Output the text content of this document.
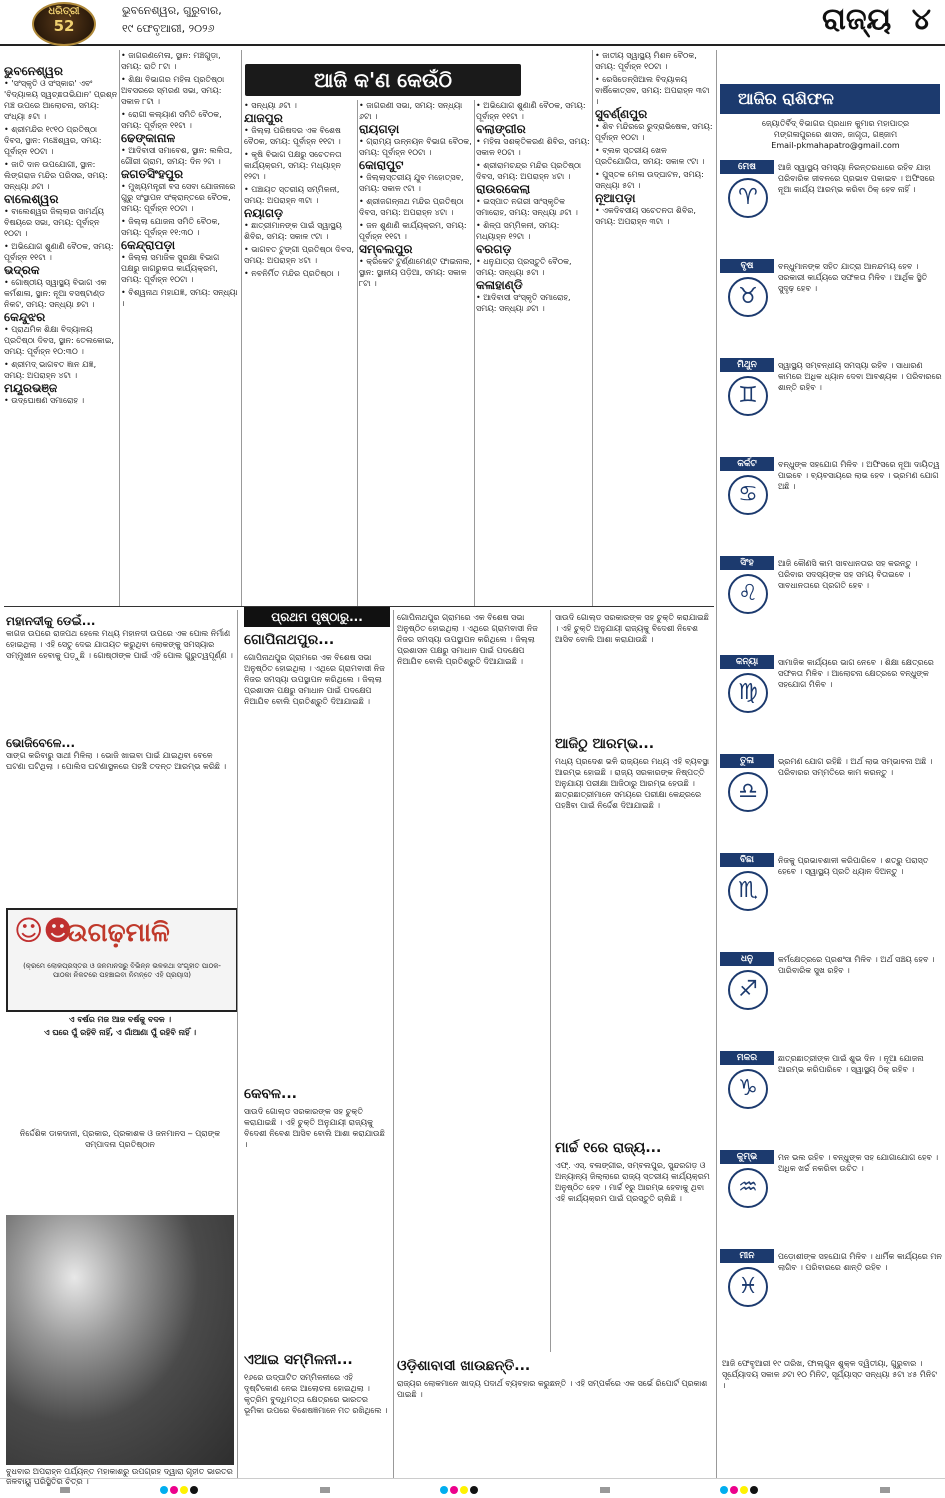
ଧରିତ୍ରୀ
52
ଭୁବନେଶ୍ୱର, ଗୁରୁବାର,
୧୯ ଫେବୃଆରୀ, ୨୦୨୬	ରାଜ୍ୟ ୪
ଆଜି କ'ଣ କେଉଁଠି
ଭୁବନେଶ୍ୱର

• 'ସଂସ୍କୃତି ଓ ସଂସ୍କାର' ଏବଂ 'ବିଦ୍ୟାଳୟ ସ୍ୱଚ୍ଛତାଭିଯାନ' ପ୍ରଶ୍ନ ମଞ୍ଚ ଉପରେ ଆଲୋଚନା, ସମୟ: ସଂଧ୍ୟା ୫ଟା ।

• ଶ୍ରୀମନ୍ଦିର ୧୯୧୦ ପ୍ରତିଷ୍ଠା ଦିବସ, ସ୍ଥାନ: ମଞ୍ଚେଶ୍ୱର, ସମୟ: ପୂର୍ବାହ୍ନ ୧୦ଟା ।

• ଜାତି ଦାନ ଉପଯୋଗୀ, ସ୍ଥାନ: ଲିଙ୍ଗରାଜ ମନ୍ଦିର ପରିସର, ସମୟ: ସନ୍ଧ୍ୟା ୬ଟା ।

ବାଲେଶ୍ୱର

• ବାଲେଶ୍ୱର ଜିଲ୍ଲାର ସାମର୍ଥ୍ୟ ବିଷୟରେ ସଭା, ସମୟ: ପୂର୍ବାହ୍ନ ୧୦ଟା ।

• ଅଭିଯୋଗ ଶୁଣାଣି ବୈଠକ, ସମୟ: ପୂର୍ବାହ୍ନ ୧୧ଟା ।

ଭଦ୍ରକ

• ଗୋଷ୍ଠୀୟ ସ୍ୱାସ୍ଥ୍ୟ ବିଭାଗ ଏକ କର୍ମଶାଳା, ସ୍ଥାନ: ନୂଆ ବସଷ୍ଟାଣ୍ଡ ନିକଟ, ସମୟ: ସନ୍ଧ୍ୟା ୭ଟା ।

କେନ୍ଦୁଝର

• ପ୍ରାଥମିକ ଶିକ୍ଷା ବିଦ୍ୟାଳୟ ପ୍ରତିଷ୍ଠା ଦିବସ, ସ୍ଥାନ: ତେଲକୋଇ, ସମୟ: ପୂର୍ବାହ୍ନ ୧୦:୩୦ ।

• ଶ୍ରୀମଦ୍‌ ଭାଗବତ ଜ୍ଞାନ ଯଜ୍ଞ, ସମୟ: ଅପରାହ୍ନ ୪ଟା ।

ମୟୂରଭଞ୍ଜ

• ଉଦ୍‌ଘୋଷଣ ସମାରୋହ ।

• ଜାଗରଣମେଳା, ସ୍ଥାନ: ମଞ୍ଚଗୁଡ଼ା, ସମୟ: ରାତି ୮ଟା ।

• ଶିକ୍ଷା ବିଭାଗର ମହିଳା ପ୍ରତିଷ୍ଠା ଅବସରରେ ସ୍ମରଣ ସଭା, ସମୟ: ସକାଳ ୮ଟା ।

• ରୋଗୀ କଲ୍ୟାଣ ସମିତି ବୈଠକ, ସମୟ: ପୂର୍ବାହ୍ନ ୧୧ଟା ।

ଢେଙ୍କାନାଳ

• ଆଦିବାସୀ ସମାବେଶ, ସ୍ଥାନ: ଲଲିତା, ଗୌରୀ ଗ୍ରାମ, ସମୟ: ଦିନ ୨ଟା ।

ଜଗତସିଂହପୁର

• ମୁଖ୍ୟମନ୍ତ୍ରୀ ବସ ସେବା ଯୋଜନାରେ ଗୁରୁ ସଂସ୍ଥାପନ ସଂକ୍ରାନ୍ତରେ ବୈଠକ, ସମୟ: ପୂର୍ବାହ୍ନ ୧୦ଟା ।

• ଜିଲ୍ଲା ଯୋଜନା ସମିତି ବୈଠକ, ସମୟ: ପୂର୍ବାହ୍ନ ୧୧:୩୦ ।

କେନ୍ଦ୍ରାପଡ଼ା

• ଜିଲ୍ଲା ସମାଜିକ ସୁରକ୍ଷା ବିଭାଗ ପକ୍ଷରୁ ଜାଗରୁକତା କାର୍ଯ୍ୟକ୍ରମ, ସମୟ: ପୂର୍ବାହ୍ନ ୧୦ଟା ।

• ବିଶ୍ୱନାଥ ମହାଯଜ୍ଞ, ସମୟ: ସନ୍ଧ୍ୟା ।

• ସନ୍ଧ୍ୟା ୬ଟା ।

ଯାଜପୁର

• ଜିଲ୍ଲା ପରିଷଦର ଏକ ବିଶେଷ ବୈଠକ, ସମୟ: ପୂର୍ବାହ୍ନ ୧୧ଟା ।

• କୃଷି ବିଭାଗ ପକ୍ଷରୁ ସଚେତନତା କାର୍ଯ୍ୟକ୍ରମ, ସମୟ: ମଧ୍ୟାହ୍ନ ୧୨ଟା ।

• ପଞ୍ଚାୟତ ସ୍ତରୀୟ ସମ୍ମିଳନୀ, ସମୟ: ଅପରାହ୍ନ ୩ଟା ।

ନୟାଗଡ଼

• ଛାତ୍ରୀମାନଙ୍କ ପାଇଁ ସ୍ୱାସ୍ଥ୍ୟ ଶିବିର, ସମୟ: ସକାଳ ୯ଟା ।

• ଭାଗବତ ଟୁଙ୍ଗୀ ପ୍ରତିଷ୍ଠା ଦିବସ, ସମୟ: ଅପରାହ୍ନ ୪ଟା ।

• ନବନିର୍ମିତ ମନ୍ଦିର ପ୍ରତିଷ୍ଠା ।

• ଜାଗରଣୀ ସଭା, ସମୟ: ସନ୍ଧ୍ୟା ୬ଟା ।

ରାୟଗଡ଼ା

• ଗ୍ରାମ୍ୟ ଉନ୍ନୟନ ବିଭାଗ ବୈଠକ, ସମୟ: ପୂର୍ବାହ୍ନ ୧୦ଟା ।

କୋରାପୁଟ

• ଜିଲ୍ଲାସ୍ତରୀୟ ଯୁବ ମହୋତ୍ସବ, ସମୟ: ସକାଳ ୯ଟା ।

• ଶ୍ରୀଜଗନ୍ନାଥ ମନ୍ଦିର ପ୍ରତିଷ୍ଠା ଦିବସ, ସମୟ: ଅପରାହ୍ନ ୪ଟା ।

• ଜନ ଶୁଣାଣି କାର୍ଯ୍ୟକ୍ରମ, ସମୟ: ପୂର୍ବାହ୍ନ ୧୧ଟା ।

ସମ୍ବଲପୁର

• କ୍ରିକେଟ ଟୁର୍ଣ୍ଣାମେଣ୍ଟ ଫାଇନାଲ, ସ୍ଥାନ: ସ୍ଥାନୀୟ ପଡ଼ିଆ, ସମୟ: ସକାଳ ୮ଟା ।

• ଅଭିଯୋଗ ଶୁଣାଣି ବୈଠକ, ସମୟ: ପୂର୍ବାହ୍ନ ୧୧ଟା ।

ବଲାଙ୍ଗୀର

• ମହିଳା ସଶକ୍ତିକରଣ ଶିବିର, ସମୟ: ସକାଳ ୧୦ଟା ।

• ଶ୍ରୀରାମଚନ୍ଦ୍ର ମନ୍ଦିର ପ୍ରତିଷ୍ଠା ଦିବସ, ସମୟ: ଅପରାହ୍ନ ୪ଟା ।

ରାଉରକେଲା

• ଇସ୍ପାତ ନଗରୀ ସାଂସ୍କୃତିକ ସମାରୋହ, ସମୟ: ସନ୍ଧ୍ୟା ୬ଟା ।

• ଶିଳ୍ପ ସମ୍ମିଳନୀ, ସମୟ: ମଧ୍ୟାହ୍ନ ୧୨ଟା ।

ବରଗଡ଼

• ଧନୁଯାତ୍ରା ପ୍ରସ୍ତୁତି ବୈଠକ, ସମୟ: ସନ୍ଧ୍ୟା ୫ଟା ।

କଳାହାଣ୍ଡି

• ଆଦିବାସୀ ସଂସ୍କୃତି ସମାରୋହ, ସମୟ: ସନ୍ଧ୍ୟା ୬ଟା ।

• ଜାତୀୟ ସ୍ୱାସ୍ଥ୍ୟ ମିଶନ ବୈଠକ, ସମୟ: ପୂର୍ବାହ୍ନ ୧୦ଟା ।

• ରେସିଡେନ୍ସିଆଲ ବିଦ୍ୟାଳୟ ବାର୍ଷିକୋତ୍ସବ, ସମୟ: ଅପରାହ୍ନ ୩ଟା ।

ସୁବର୍ଣ୍ଣପୁର

• ଶିବ ମନ୍ଦିରରେ ରୁଦ୍ରାଭିଷେକ, ସମୟ: ପୂର୍ବାହ୍ନ ୧୦ଟା ।

• ବ୍ଲକ ସ୍ତରୀୟ ଖେଳ ପ୍ରତିଯୋଗିତା, ସମୟ: ସକାଳ ୯ଟା ।

• ପୁସ୍ତକ ମେଳା ଉଦ୍‌ଘାଟନ, ସମୟ: ସନ୍ଧ୍ୟା ୫ଟା ।

ନୂଆପଡ଼ା

• ଏକଦିବସୀୟ ସଚେତନତା ଶିବିର, ସମୟ: ଅପରାହ୍ନ ୩ଟା ।

ମହାନଦୀକୁ ଡେଇଁ...

କାଗଜ ଉପରେ ରାଜପଥ ହେଲେ ମଧ୍ୟ ମହାନଦୀ ଉପରେ ଏକ ପୋଲ ନିର୍ମାଣ ହୋଇଥିଲା । ଏହି ସେତୁ ଦେଇ ଯାତାୟତ କରୁଥିବା ଲୋକଙ୍କୁ ସମସ୍ୟାର ସମ୍ମୁଖୀନ ହେବାକୁ ପଡ଼ୁଛି । ଗୋଷ୍ଠୀଙ୍କ ପାଇଁ ଏହି ପୋଲ ଗୁରୁତ୍ୱପୂର୍ଣ୍ଣ ।

ଭୋଜିବେଳେ...

ସାଙ୍ଗ କରିବାରୁ ସାଥୀ ମିଳିଲା । ଭୋଜି ଖାଇବା ପାଇଁ ଯାଇଥିବା ବେଳେ ଘଟଣା ଘଟିଥିଲା । ପୋଲିସ ଘଟଣାସ୍ଥଳରେ ପହଞ୍ଚି ତଦନ୍ତ ଆରମ୍ଭ କରିଛି ।

☺☻
ଉଗଢ଼ମାଳି
(କ୍ରମେ ଲୋକପ୍ରସ୍ତର ଓ ଜନମାନସରୁ ବିଭିନ୍ନ ଭଳକଥା ସଂଗୃହୀତ ପାଠକ-ପାଠକା ନିକଟରେ ପହଞ୍ଚାଇବା ନିମନ୍ତେ ଏହି ପ୍ରୟାସ)

ଏ ବର୍ଷର ମଜ ଆଜ ବର୍ଷକୁ ବଦଳ ।

ଏ ଘରେ ପୁଁ ରହିବି ନାହିଁ, ଏ ଗାଁଆଣା ପୁଁ ରହିବି ନାହିଁ ।

ନିର୍ଦ୍ଦେଶିକ ଡାକଦାନୀ, ପ୍ରକାର, ପ୍ରକାଶକ ଓ ଜନମାନସ ‒ ପ୍ରାଙ୍କ ସମ୍ପାଦନା ପ୍ରତିଷ୍ଠାନ

ବୁଧବାର ଅପରାହ୍ନ ପର୍ଯ୍ୟନ୍ତ ମହାକାଶରୁ ଉପଗ୍ରହ ଦ୍ୱାରା ଗୃହୀତ ଭାରତର ଜଳବାୟୁ ପରିସ୍ଥିତିର ଚିତ୍ର ।
ପ୍ରଥମ ପୃଷ୍ଠାରୁ...
ଗୋପିନାଥପୁର...

ଗୋପିନାଥପୁର ଗ୍ରାମରେ ଏକ ବିଶେଷ ସଭା ଅନୁଷ୍ଠିତ ହୋଇଥିଲା । ଏଥିରେ ଗ୍ରାମବାସୀ ନିଜ ନିଜର ସମସ୍ୟା ଉପସ୍ଥାପନ କରିଥିଲେ । ଜିଲ୍ଲା ପ୍ରଶାସନ ପକ୍ଷରୁ ସମାଧାନ ପାଇଁ ପଦକ୍ଷେପ ନିଆଯିବ ବୋଲି ପ୍ରତିଶ୍ରୁତି ଦିଆଯାଇଛି ।

କେବଳ...

ସାଉଦି ଗୋଲ୍ଡ ସରକାରଙ୍କ ସହ ଚୁକ୍ତି କରାଯାଇଛି । ଏହି ଚୁକ୍ତି ଅନୁଯାୟୀ ରାଜ୍ୟକୁ ବିଦେଶୀ ନିବେଶ ଆସିବ ବୋଲି ଆଶା କରାଯାଉଛି ।

ଏଆଇ ସମ୍ମିଳନୀ...

୧୬ରେ ଉଦ୍‌ଘାଟିତ ସମ୍ମିଳନୀରେ ଏହି ଦୃଷ୍ଟିକୋଣ ନେଇ ଆଲୋଚନା ହୋଇଥିଲା । କୃତ୍ରିମ ବୁଦ୍ଧିମତ୍ତା କ୍ଷେତ୍ରରେ ଭାରତର ଭୂମିକା ଉପରେ ବିଶେଷଜ୍ଞମାନେ ମତ ରଖିଥିଲେ ।

ଗୋପିନାଥପୁର ଗ୍ରାମରେ ଏକ ବିଶେଷ ସଭା ଅନୁଷ୍ଠିତ ହୋଇଥିଲା । ଏଥିରେ ଗ୍ରାମବାସୀ ନିଜ ନିଜର ସମସ୍ୟା ଉପସ୍ଥାପନ କରିଥିଲେ । ଜିଲ୍ଲା ପ୍ରଶାସନ ପକ୍ଷରୁ ସମାଧାନ ପାଇଁ ପଦକ୍ଷେପ ନିଆଯିବ ବୋଲି ପ୍ରତିଶ୍ରୁତି ଦିଆଯାଇଛି ।

ଓଡ଼ିଶାବାସୀ ଖାଉଛନ୍ତି...

ରାଜ୍ୟର ଲୋକମାନେ ଖାଦ୍ୟ ପଦାର୍ଥ ବ୍ୟବହାର କରୁଛନ୍ତି । ଏହି ସମ୍ପର୍କରେ ଏକ ସର୍ଭେ ରିପୋର୍ଟ ପ୍ରକାଶ ପାଇଛି ।

ସାଉଦି ଗୋଲ୍ଡ ସରକାରଙ୍କ ସହ ଚୁକ୍ତି କରାଯାଇଛି । ଏହି ଚୁକ୍ତି ଅନୁଯାୟୀ ରାଜ୍ୟକୁ ବିଦେଶୀ ନିବେଶ ଆସିବ ବୋଲି ଆଶା କରାଯାଉଛି ।

ଆଜିଠୁ ଆରମ୍ଭ...

ମଧ୍ୟ ପ୍ରଦେଶ ଭଳି ରାଜ୍ୟରେ ମଧ୍ୟ ଏହି ବ୍ୟବସ୍ଥା ଆରମ୍ଭ ହୋଇଛି । ରାଜ୍ୟ ସରକାରଙ୍କ ନିଷ୍ପତ୍ତି ଅନୁଯାୟୀ ପରୀକ୍ଷା ଆଜିଠାରୁ ଆରମ୍ଭ ହେଉଛି । ଛାତ୍ରଛାତ୍ରୀମାନେ ସମୟରେ ପରୀକ୍ଷା କେନ୍ଦ୍ରରେ ପହଞ୍ଚିବା ପାଇଁ ନିର୍ଦ୍ଦେଶ ଦିଆଯାଇଛି ।

ମାର୍ଚ୍ଚ ୧ରେ ରାଜ୍ୟ...

ଏଫ୍‌. ଏସ୍‌. ବଳାଙ୍ଗୀର, ସମ୍ବଲପୁର, ସୁନ୍ଦରଗଡ଼ ଓ ଅନ୍ୟାନ୍ୟ ଜିଲ୍ଲାରେ ରାଜ୍ୟ ସ୍ତରୀୟ କାର୍ଯ୍ୟକ୍ରମ ଅନୁଷ୍ଠିତ ହେବ । ମାର୍ଚ୍ଚ ୧ରୁ ଆରମ୍ଭ ହେବାକୁ ଥିବା ଏହି କାର୍ଯ୍ୟକ୍ରମ ପାଇଁ ପ୍ରସ୍ତୁତି ଚାଲିଛି ।

ଆଜିର ରାଶିଫଳ
ଜ୍ୟୋତିର୍ବିଦ୍ ବିଭାଗର ପ୍ରଧାନ କୁମାର ମହାପାତ୍ର
ମଙ୍ଗଳାପୁରରେ ଶାସନ, ଜାଗୃତା, ଗଞ୍ଜାମ
Email-pkmahapatro@gmail.com
ମେଷ
♈
ଆଜି ସ୍ୱାସ୍ଥ୍ୟ ସମସ୍ୟା ନିରନ୍ତରଧାରେ ରହିବ ଯାହା ପରିବାରିକ ଜୀବନରେ ପ୍ରଭାବ ପକାଇବ । ଅଫିସରେ ନୂଆ କାର୍ଯ୍ୟ ଆରମ୍ଭ କରିବା ଠିକ୍‌ ହେବ ନାହିଁ ।
ବୃଷ
♉
ବନ୍ଧୁମାନଙ୍କ ସହିତ ଯାତ୍ରା ଆନନ୍ଦମୟ ହେବ । ସରକାରୀ କାର୍ଯ୍ୟରେ ସଫଳତା ମିଳିବ । ଆର୍ଥିକ ସ୍ଥିତି ସୁଦୃଢ଼ ହେବ ।
ମିଥୁନ
♊
ସ୍ୱାସ୍ଥ୍ୟ ସମ୍ବନ୍ଧୀୟ ସମସ୍ୟା ରହିବ । ସାଧାରଣ କାମରେ ଅଧିକ ଧ୍ୟାନ ଦେବା ଆବଶ୍ୟକ । ପରିବାରରେ ଶାନ୍ତି ରହିବ ।
କର୍କଟ
♋
ବନ୍ଧୁଙ୍କ ସହଯୋଗ ମିଳିବ । ଅଫିସରେ ନୂଆ ଦାୟିତ୍ୱ ପାଇବେ । ବ୍ୟବସାୟରେ ଲାଭ ହେବ । ଭ୍ରମଣ ଯୋଗ ଅଛି ।
ସିଂହ
♌
ଆଜି କୌଣସି କାମ ସାବଧାନତାର ସହ କରନ୍ତୁ । ପରିବାର ସଦସ୍ୟଙ୍କ ସହ ସମୟ ବିତାଇବେ । ସାବଧାନତାରେ ପ୍ରଗତି ହେବ ।
କନ୍ୟା
♍
ସାମାଜିକ କାର୍ଯ୍ୟରେ ଭାଗ ନେବେ । ଶିକ୍ଷା କ୍ଷେତ୍ରରେ ସଫଳତା ମିଳିବ । ଆଲୋଚନା କ୍ଷେତ୍ରରେ ବନ୍ଧୁଙ୍କ ସହଯୋଗ ମିଳିବ ।
ତୁଳା
♎
ଭ୍ରମଣ ଯୋଗ ରହିଛି । ଅର୍ଥ ଲାଭ ସମ୍ଭାବନା ଅଛି । ପରିବାରର ସମ୍ମତିରେ କାମ କରନ୍ତୁ ।
ବିଛା
♏
ନିଜକୁ ପ୍ରଭାବଶାଳୀ କରିପାରିବେ । ଶତ୍ରୁ ପରାସ୍ତ ହେବେ । ସ୍ୱାସ୍ଥ୍ୟ ପ୍ରତି ଧ୍ୟାନ ଦିଅନ୍ତୁ ।
ଧନୁ
♐
କର୍ମକ୍ଷେତ୍ରରେ ପ୍ରଶଂସା ମିଳିବ । ଅର୍ଥ ସଞ୍ଚୟ ହେବ । ପାରିବାରିକ ସୁଖ ରହିବ ।
ମକର
♑
ଛାତ୍ରଛାତ୍ରୀଙ୍କ ପାଇଁ ଶୁଭ ଦିନ । ନୂଆ ଯୋଜନା ଆରମ୍ଭ କରିପାରିବେ । ସ୍ୱାସ୍ଥ୍ୟ ଠିକ୍‌ ରହିବ ।
କୁମ୍ଭ
♒
ମନ ଭଲ ରହିବ । ବନ୍ଧୁଙ୍କ ସହ ଯୋଗାଯୋଗ ହେବ । ଅଧିକ ଖର୍ଚ୍ଚ ନକରିବା ଉଚିତ ।
ମୀନ
♓
ପଡ଼ୋଶୀଙ୍କ ସହଯୋଗ ମିଳିବ । ଧାର୍ମିକ କାର୍ଯ୍ୟରେ ମନ ଲାଗିବ । ପରିବାରରେ ଶାନ୍ତି ରହିବ ।

ଆଜି ଫେବୃଆରୀ ୧୯ ତାରିଖ, ଫାଲ୍‌ଗୁନ ଶୁକ୍ଳ ଦ୍ୱିତୀୟା, ଗୁରୁବାର । ସୂର୍ଯ୍ୟୋଦୟ ସକାଳ ୬ଟା ୧୦ ମିନିଟ, ସୂର୍ଯ୍ୟାସ୍ତ ସନ୍ଧ୍ୟା ୫ଟା ୪୫ ମିନିଟ ।
